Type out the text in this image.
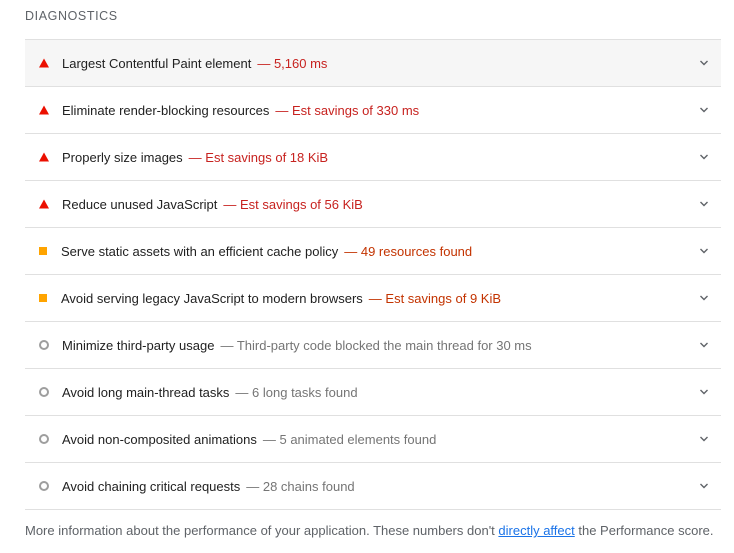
DIAGNOSTICS
Largest Contentful Paint element — 5,160 ms
Eliminate render-blocking resources — Est savings of 330 ms
Properly size images — Est savings of 18 KiB
Reduce unused JavaScript — Est savings of 56 KiB
Serve static assets with an efficient cache policy — 49 resources found
Avoid serving legacy JavaScript to modern browsers — Est savings of 9 KiB
Minimize third-party usage — Third-party code blocked the main thread for 30 ms
Avoid long main-thread tasks — 6 long tasks found
Avoid non-composited animations — 5 animated elements found
Avoid chaining critical requests — 28 chains found
More information about the performance of your application. These numbers don't directly affect the Performance score.
